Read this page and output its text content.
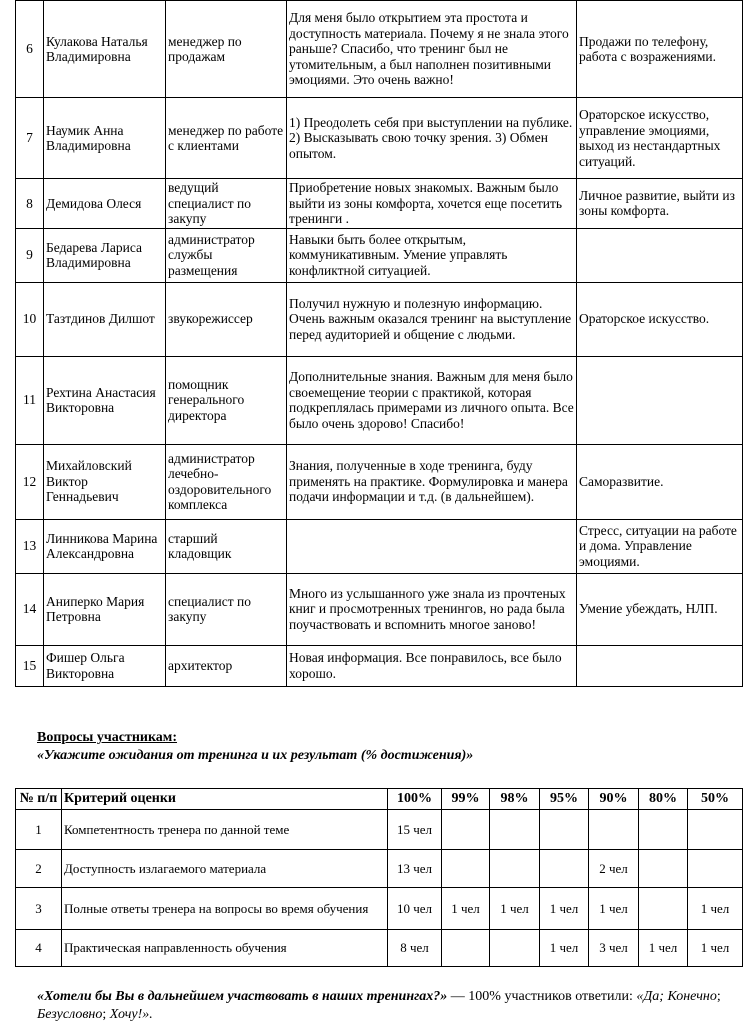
6	Кулакова Наталья Владимировна	менеджер по продажам	Для меня было открытием эта простота и доступность материала. Почему я не знала этого раньше? Спасибо, что тренинг был не утомительным, а был наполнен позитивными эмоциями. Это очень важно!	Продажи по телефону, работа с возражениями.
7	Наумик Анна Владимировна	менеджер по работе с клиентами	1) Преодолеть себя при выступлении на публике. 2) Высказывать свою точку зрения. 3) Обмен опытом.	Ораторское искусство, управление эмоциями, выход из нестандартных ситуаций.
8	Демидова Олеся	ведущий специалист по закупу	Приобретение новых знакомых. Важным было выйти из зоны комфорта, хочется еще посетить тренинги .	Личное развитие, выйти из зоны комфорта.
9	Бедарева Лариса Владимировна	администратор службы размещения	Навыки быть более открытым, коммуникативным. Умение управлять конфликтной ситуацией.	
10	Тазтдинов Дилшот	звукорежиссер	Получил нужную и полезную информацию. Очень важным оказался тренинг на выступление перед аудиторией и общение с людьми.	Ораторское искусство.
11	Рехтина Анастасия Викторовна	помощник генерального директора	Дополнительные знания. Важным для меня было своемещение теории с практикой, которая подкреплялась примерами из личного опыта. Все было очень здорово! Спасибо!	
12	Михайловский Виктор Геннадьевич	администратор лечебно-оздоровительного комплекса	Знания, полученные в ходе тренинга, буду применять на практике. Формулировка и манера подачи информации и т.д. (в дальнейшем).	Саморазвитие.
13	Линникова Марина Александровна	старший кладовщик		Стресс, ситуации на работе и дома. Управление эмоциями.
14	Аниперко Мария Петровна	специалист по закупу	Много из услышанного уже знала из прочтеных книг и просмотренных тренингов, но рада была поучаствовать и вспомнить многое заново!	Умение убеждать, НЛП.
15	Фишер Ольга Викторовна	архитектор	Новая информация. Все понравилось, все было хорошо.	
Вопросы участникам:
«Укажите ожидания от тренинга и их результат (% достижения)»
№ п/п	Критерий оценки	100%	99%	98%	95%	90%	80%	50%
1	Компетентность тренера по данной теме	15 чел						
2	Доступность излагаемого материала	13 чел				2 чел		
3	Полные ответы тренера на вопросы во время обучения	10 чел	1 чел	1 чел	1 чел	1 чел		1 чел
4	Практическая направленность обучения	8 чел			1 чел	3 чел	1 чел	1 чел
«Хотели бы Вы в дальнейшем участвовать в наших тренингах?» — 100% участников ответили: «Да; Конечно; Безусловно; Хочу!».
